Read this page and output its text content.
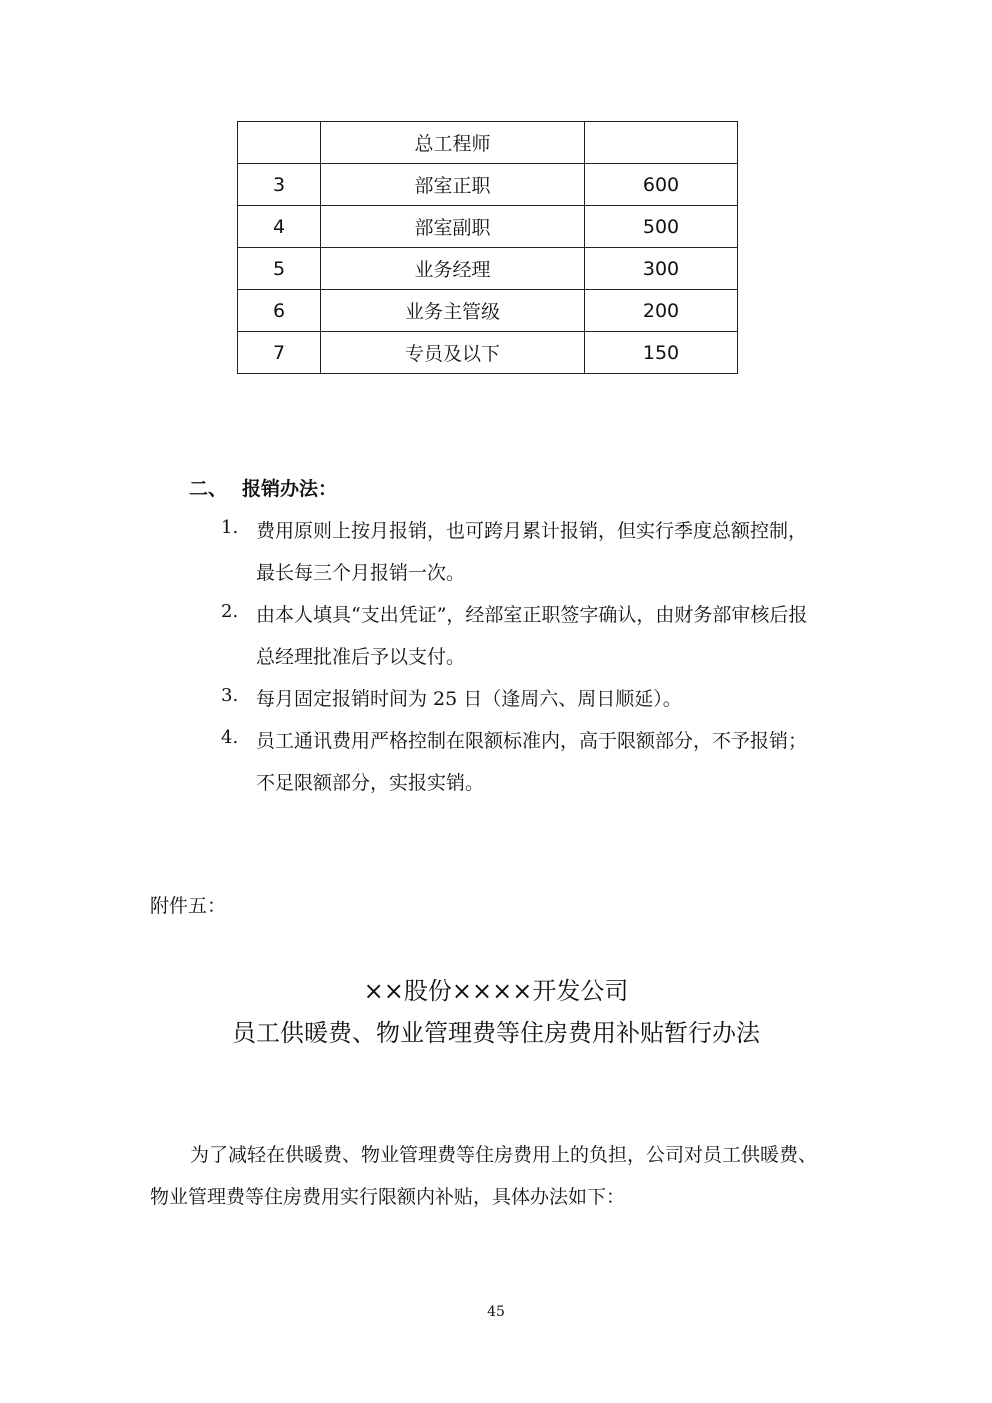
	总工程师	
3	部室正职	600
4	部室副职	500
5	业务经理	300
6	业务主管级	200
7	专员及以下	150
二、 报销办法：
1. 费用原则上按月报销，也可跨月累计报销，但实行季度总额控制，
最长每三个月报销一次。
2. 由本人填具“支出凭证”，经部室正职签字确认，由财务部审核后报
总经理批准后予以支付。
3. 每月固定报销时间为 25 日（逢周六、周日顺延）。
4. 员工通讯费用严格控制在限额标准内，高于限额部分，不予报销；
不足限额部分，实报实销。
附件五：
××股份××××开发公司
员工供暖费、物业管理费等住房费用补贴暂行办法
为了减轻在供暖费、物业管理费等住房费用上的负担，公司对员工供暖费、
物业管理费等住房费用实行限额内补贴，具体办法如下：
45
